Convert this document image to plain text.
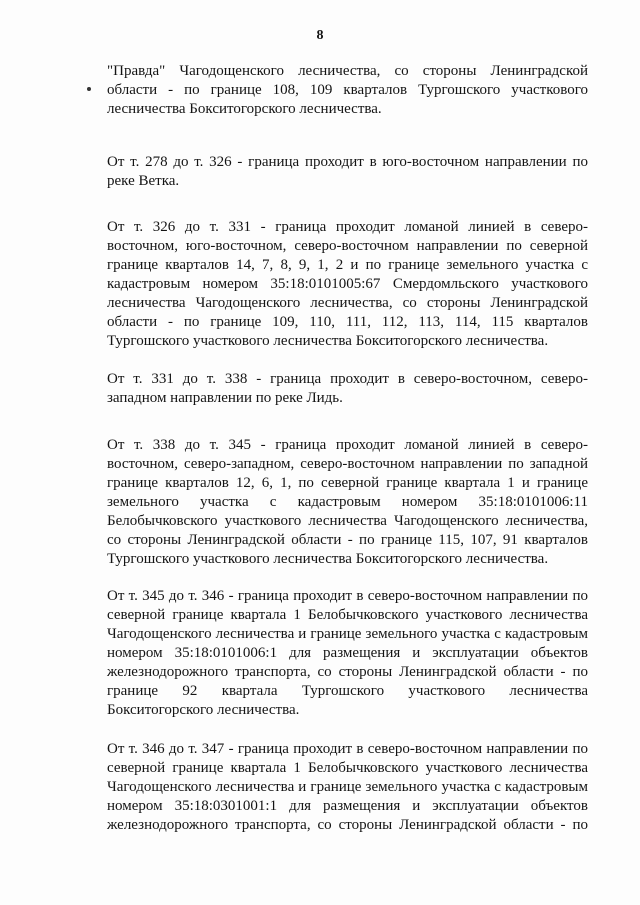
8

"Правда" Чагодощенского лесничества, со стороны Ленинградской области - по границе 108, 109 кварталов Тургошского участкового лесничества Бокситогорского лесничества.

От т. 278 до т. 326 - граница проходит в юго-восточном направлении по реке Ветка.

От т. 326 до т. 331 - граница проходит ломаной линией в северо-восточном, юго-восточном, северо-восточном направлении по северной границе кварталов 14, 7, 8, 9, 1, 2 и по границе земельного участка с кадастровым номером 35:18:0101005:67 Смердомльского участкового лесничества Чагодощенского лесничества, со стороны Ленинградской области - по границе 109, 110, 111, 112, 113, 114, 115 кварталов Тургошского участкового лесничества Бокситогорского лесничества.

От т. 331 до т. 338 - граница проходит в северо-восточном, северо-западном направлении по реке Лидь.

От т. 338 до т. 345 - граница проходит ломаной линией в северо-восточном, северо-западном, северо-восточном направлении по западной границе кварталов 12, 6, 1, по северной границе квартала 1 и границе земельного участка с кадастровым номером 35:18:0101006:11 Белобычковского участкового лесничества Чагодощенского лесничества, со стороны Ленинградской области - по границе 115, 107, 91 кварталов Тургошского участкового лесничества Бокситогорского лесничества.

От т. 345 до т. 346 - граница проходит в северо-восточном направлении по северной границе квартала 1 Белобычковского участкового лесничества Чагодощенского лесничества и границе земельного участка с кадастровым номером 35:18:0101006:1 для размещения и эксплуатации объектов железнодорожного транспорта, со стороны Ленинградской области - по границе 92 квартала Тургошского участкового лесничества Бокситогорского лесничества.

От т. 346 до т. 347 - граница проходит в северо-восточном направлении по северной границе квартала 1 Белобычковского участкового лесничества Чагодощенского лесничества и границе земельного участка с кадастровым номером 35:18:0301001:1 для размещения и эксплуатации объектов железнодорожного транспорта, со стороны Ленинградской области - по
